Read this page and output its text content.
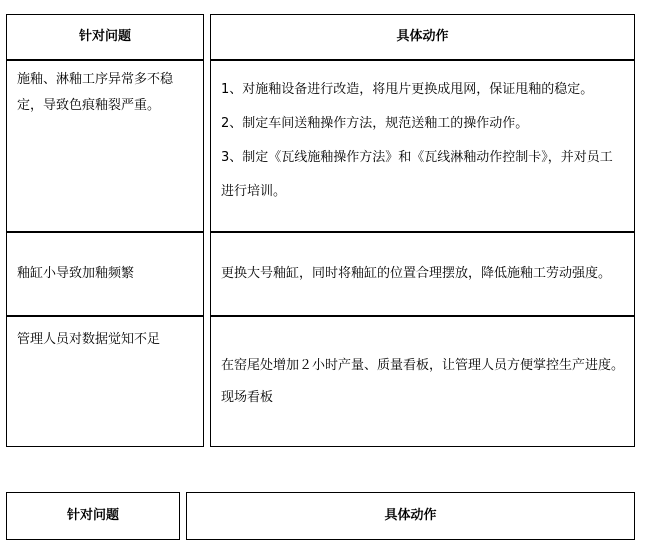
针对问题		具体动作
施釉、淋釉工序异常多不稳定，导致色痕釉裂严重。		1、对施釉设备进行改造，将甩片更换成甩网，保证甩釉的稳定。
2、制定车间送釉操作方法，规范送釉工的操作动作。
3、制定《瓦线施釉操作方法》和《瓦线淋釉动作控制卡》，并对员工进行培训。

釉缸小导致加釉频繁		更换大号釉缸，同时将釉缸的位置合理摆放，降低施釉工劳动强度。

管理人员对数据觉知不足		在窑尾处增加２小时产量、质量看板，让管理人员方便掌控生产进度。现场看板
针对问题		具体动作
